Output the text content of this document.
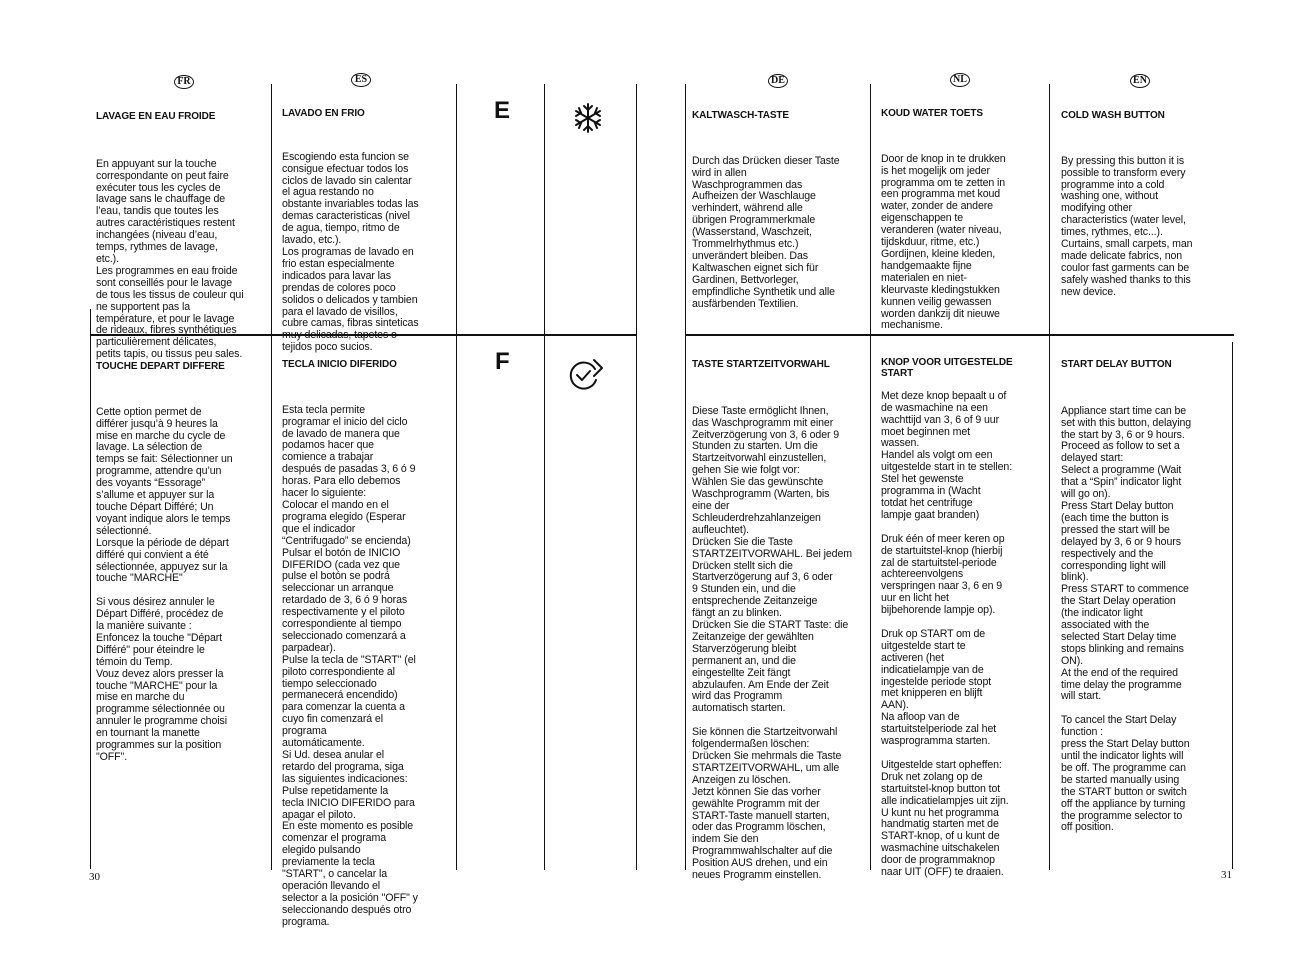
FR	ES	DE	NL	EN

LAVAGE EN EAU FROIDE

En appuyant sur la touche
correspondante on peut faire
exécuter tous les cycles de
lavage sans le chauffage de
l’eau, tandis que toutes les
autres caractéristiques restent
inchangées (niveau d’eau,
temps, rythmes de lavage,
etc.).
Les programmes en eau froide
sont conseillés pour le lavage
de tous les tissus de couleur qui
ne supportent pas la
température, et pour le lavage
de rideaux, fibres synthétiques
particulièrement délicates,
petits tapis, ou tissus peu sales.

LAVADO EN FRIO

Escogiendo esta funcion se
consigue efectuar todos los
ciclos de lavado sin calentar
el agua restando no
obstante invariables todas las
demas caracteristicas (nivel
de agua, tiempo, ritmo de
lavado, etc.).
Los programas de lavado en
frio estan especialmente
indicados para lavar las
prendas de colores poco
solidos o delicados y tambien
para el lavado de visillos,
cubre camas, fibras sinteticas
muy delicadas, tapetes o
tejidos poco sucios.

E	KALTWASCH-TASTE

Durch das Drücken dieser Taste
wird in allen
Waschprogrammen das
Aufheizen der Waschlauge
verhindert, während alle
übrigen Programmerkmale
(Wasserstand, Waschzeit,
Trommelrhythmus etc.)
unverändert bleiben. Das
Kaltwaschen eignet sich für
Gardinen, Bettvorleger,
empfindliche Synthetik und alle
ausfärbenden Textilien.

KOUD WATER TOETS

Door de knop in te drukken
is het mogelijk om jeder
programma om te zetten in
een programma met koud
water, zonder de andere
eigenschappen te
veranderen (water niveau,
tijdskduur, ritme, etc.)
Gordijnen, kleine kleden,
handgemaakte fijne
materialen en niet-
kleurvaste kledingstukken
kunnen veilig gewassen
worden dankzij dit nieuwe
mechanisme.

COLD WASH BUTTON

By pressing this button it is
possible to transform every
programme into a cold
washing one, without
modifying other
characteristics (water level,
times, rythmes, etc...).
Curtains, small carpets, man
made delicate fabrics, non
coulor fast garments can be
safely washed thanks to this
new device.

TOUCHE DEPART DIFFERE

Cette option permet de
différer jusqu’à 9 heures la
mise en marche du cycle de
lavage. La sélection de
temps se fait: Sélectionner un
programme, attendre qu’un
des voyants “Essorage”
s’allume et appuyer sur la
touche Départ Différé; Un
voyant indique alors le temps
sélectionné.
Lorsque la période de départ
différé qui convient a été
sélectionnée, appuyez sur la
touche "MARCHE"

Si vous désirez annuler le
Départ Différé, procédez de
la manière suivante :
Enfoncez la touche "Départ
Différé" pour éteindre le
témoin du Temp.
Vouz devez alors presser la
touche "MARCHE" pour la
mise en marche du
programme sélectionnée ou
annuler le programme choisi
en tournant la manette
programmes sur la position
"OFF".

TECLA INICIO DIFERIDO

Esta tecla permite
programar el inicio del ciclo
de lavado de manera que
podamos hacer que
comience a trabajar
después de pasadas 3, 6 ó 9
horas. Para ello debemos
hacer lo siguiente:
Colocar el mando en el
programa elegido (Esperar
que el indicador
“Centrifugado” se encienda)
Pulsar el botón de INICIO
DIFERIDO (cada vez que
pulse el botón se podrá
seleccionar un arranque
retardado de 3, 6 ó 9 horas
respectivamente y el piloto
correspondiente al tiempo
seleccionado comenzará a
parpadear).
Pulse la tecla de "START" (el
piloto correspondiente al
tiempo seleccionado
permanecerá encendido)
para comenzar la cuenta a
cuyo fin comenzará el
programa
automáticamente.
Si Ud. desea anular el
retardo del programa, siga
las siguientes indicaciones:
Pulse repetidamente la
tecla INICIO DIFERIDO para
apagar el piloto.
En este momento es posible
comenzar el programa
elegido pulsando
previamente la tecla
"START", o cancelar la
operación llevando el
selector a la posición "OFF" y
seleccionando después otro
programa.

F	TASTE STARTZEITVORWAHL

Diese Taste ermöglicht Ihnen,
das Waschprogramm mit einer
Zeitverzögerung von 3, 6 oder 9
Stunden zu starten. Um die
Startzeitvorwahl einzustellen,
gehen Sie wie folgt vor:
Wählen Sie das gewünschte
Waschprogramm (Warten, bis
eine der
Schleuderdrehzahlanzeigen
aufleuchtet).
Drücken Sie die Taste
STARTZEITVORWAHL. Bei jedem
Drücken stellt sich die
Startverzögerung auf 3, 6 oder
9 Stunden ein, und die
entsprechende Zeitanzeige
fängt an zu blinken.
Drücken Sie die START Taste: die
Zeitanzeige der gewählten
Starverzögerung bleibt
permanent an, und die
eingestellte Zeit fängt
abzulaufen. Am Ende der Zeit
wird das Programm
automatisch starten.

Sie können die Startzeitvorwahl
folgendermaßen löschen:
Drücken Sie mehrmals die Taste
STARTZEITVORWAHL, um alle
Anzeigen zu löschen.
Jetzt können Sie das vorher
gewählte Programm mit der
START-Taste manuell starten,
oder das Programm löschen,
indem Sie den
Programmwahlschalter auf die
Position AUS drehen, und ein
neues Programm einstellen.

KNOP VOOR UITGESTELDE
START

Met deze knop bepaalt u of
de wasmachine na een
wachttijd van 3, 6 of 9 uur
moet beginnen met
wassen.
Handel als volgt om een
uitgestelde start in te stellen:
Stel het gewenste
programma in (Wacht
totdat het centrifuge
lampje gaat branden)

Druk één of meer keren op
de startuitstel-knop (hierbij
zal de startuitstel-periode
achtereenvolgens
verspringen naar 3, 6 en 9
uur en licht het
bijbehorende lampje op).

Druk op START om de
uitgestelde start te
activeren (het
indicatielampje van de
ingestelde periode stopt
met knipperen en blijft
AAN).
Na afloop van de
startuitstelperiode zal het
wasprogramma starten.

Uitgestelde start opheffen:
Druk net zolang op de
startuitstel-knop button tot
alle indicatielampjes uit zijn.
U kunt nu het programma
handmatig starten met de
START-knop, of u kunt de
wasmachine uitschakelen
door de programmaknop
naar UIT (OFF) te draaien.

START DELAY BUTTON

Appliance start time can be
set with this button, delaying
the start by 3, 6 or 9 hours.
Proceed as follow to set a
delayed start:
Select a programme (Wait
that a “Spin” indicator light
will go on).
Press Start Delay button
(each time the button is
pressed the start will be
delayed by 3, 6 or 9 hours
respectively and the
corresponding light will
blink).
Press START to commence
the Start Delay operation
(the indicator light
associated with the
selected Start Delay time
stops blinking and remains
ON).
At the end of the required
time delay the programme
will start.

To cancel the Start Delay
function :
press the Start Delay button
until the indicator lights will
be off. The programme can
be started manually using
the START button or switch
off the appliance by turning
the programme selector to
off position.

30	31
